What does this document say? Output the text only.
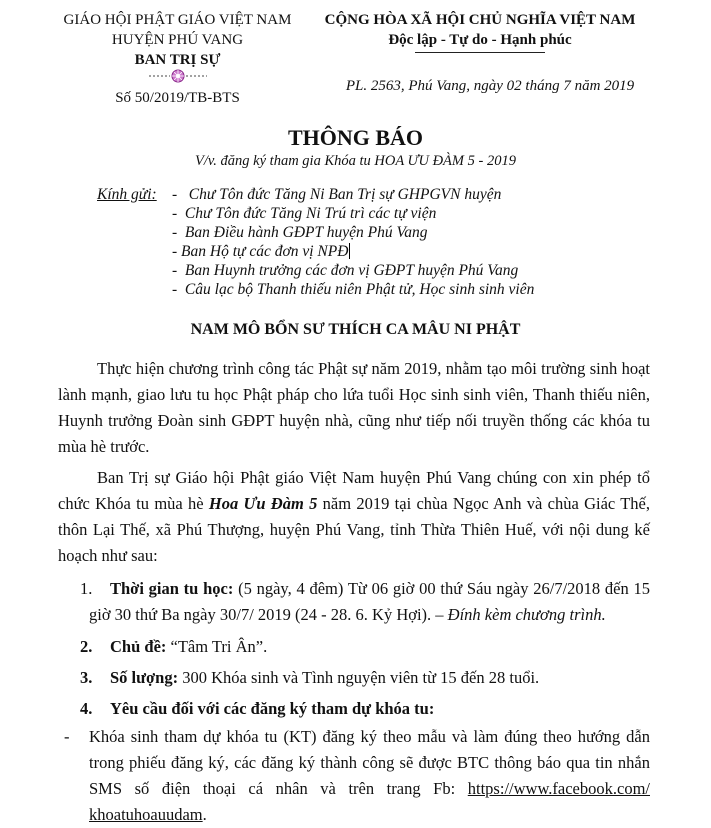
GIÁO HỘI PHẬT GIÁO VIỆT NAM
HUYỆN PHÚ VANG
BAN TRỊ SỰ
Số 50/2019/TB-BTS
CỘNG HÒA XÃ HỘI CHỦ NGHĨA VIỆT NAM
Độc lập - Tự do - Hạnh phúc
PL. 2563, Phú Vang, ngày 02 tháng 7 năm 2019
THÔNG BÁO
V/v. đăng ký tham gia Khóa tu HOA ƯU ĐÀM 5 - 2019
Kính gửi: -   Chư Tôn đức Tăng Ni Ban Trị sự GHPGVN huyện
-  Chư Tôn đức Tăng Ni Trú trì các tự viện
-  Ban Điều hành GĐPT huyện Phú Vang
- Ban Hộ tự các đơn vị NPĐ
-  Ban Huynh trưởng các đơn vị GĐPT huyện Phú Vang
-  Câu lạc bộ Thanh thiếu niên Phật tử, Học sinh sinh viên
NAM MÔ BỔN SƯ THÍCH CA MÂU NI PHẬT
Thực hiện chương trình công tác Phật sự năm 2019, nhằm tạo môi trường sinh hoạt
lành mạnh, giao lưu tu học Phật pháp cho lứa tuổi Học sinh sinh viên, Thanh thiếu niên,
Huynh trưởng Đoàn sinh GĐPT huyện nhà, cũng như tiếp nối truyền thống các khóa tu
mùa hè trước.
Ban Trị sự Giáo hội Phật giáo Việt Nam huyện Phú Vang chúng con xin phép tổ
chức Khóa tu mùa hè Hoa Ưu Đàm 5 năm 2019 tại chùa Ngọc Anh và chùa Giác Thế,
thôn Lại Thế, xã Phú Thượng, huyện Phú Vang, tỉnh Thừa Thiên Huế, với nội dung kế
hoạch như sau:
1. Thời gian tu học: (5 ngày, 4 đêm) Từ 06 giờ 00 thứ Sáu ngày 26/7/2018 đến 15
giờ 30 thứ Ba ngày 30/7/ 2019 (24 - 28. 6. Kỷ Hợi). – Đính kèm chương trình.
2. Chủ đề: “Tâm Tri Ân”.
3. Số lượng: 300 Khóa sinh và Tình nguyện viên từ 15 đến 28 tuổi.
4. Yêu cầu đối với các đăng ký tham dự khóa tu:
- Khóa sinh tham dự khóa tu (KT) đăng ký theo mẫu và làm đúng theo hướng dẫn
trong phiếu đăng ký, các đăng ký thành công sẽ được BTC thông báo qua tin nhắn
SMS số điện thoại cá nhân và trên trang Fb: https://www.facebook.com/
khoatuhoauudam.
